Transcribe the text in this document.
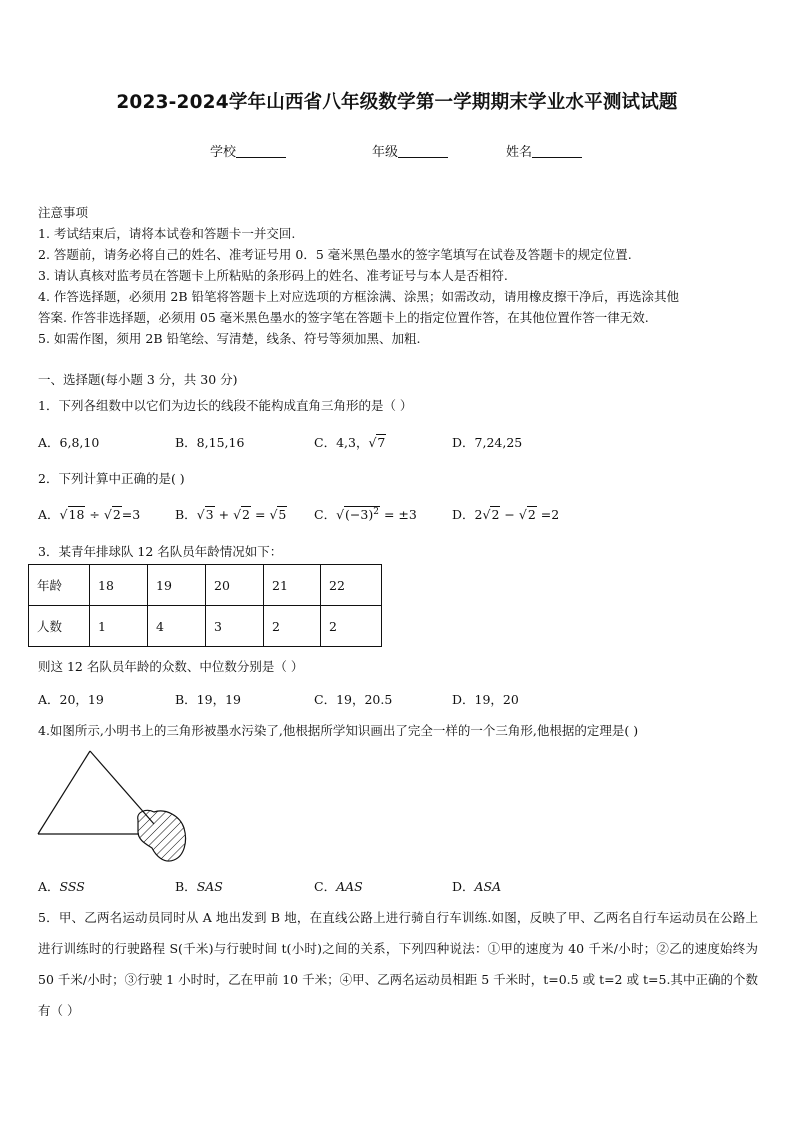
2023-2024学年山西省八年级数学第一学期期末学业水平测试试题
学校	年级	姓名
注意事项
1. 考试结束后，请将本试卷和答题卡一并交回.
2. 答题前，请务必将自己的姓名、准考证号用 0．5 毫米黑色墨水的签字笔填写在试卷及答题卡的规定位置.
3. 请认真核对监考员在答题卡上所粘贴的条形码上的姓名、准考证号与本人是否相符.
4. 作答选择题，必须用 2B 铅笔将答题卡上对应选项的方框涂满、涂黑；如需改动，请用橡皮擦干净后，再选涂其他
答案. 作答非选择题，必须用 05 毫米黑色墨水的签字笔在答题卡上的指定位置作答，在其他位置作答一律无效.
5. 如需作图，须用 2B 铅笔绘、写清楚，线条、符号等须加黑、加粗.
一、选择题(每小题 3 分，共 30 分)
1．下列各组数中以它们为边长的线段不能构成直角三角形的是（ ）
A．6,8,10	B．8,15,16	C．4,3，√7	D．7,24,25
2．下列计算中正确的是( )
A．√18 ÷ √2=3	B．√3 + √2 = √5 C．$√(-3)^2 = \pm 3$	D．2√2 − √2 =2
3．某青年排球队 12 名队员年龄情况如下：
年龄	18	19	20	21	22
人数	1	4	3	2	2
则这 12 名队员年龄的众数、中位数分别是（ ）
A．20，19	B．19，19	C．19，20.5	D．19，20
4.如图所示,小明书上的三角形被墨水污染了,他根据所学知识画出了完全一样的一个三角形,他根据的定理是( )
A．SSS	B．SAS	C．AAS	D．ASA
5．甲、乙两名运动员同时从 A 地出发到 B 地，在直线公路上进行骑自行车训练.如图，反映了甲、乙两名自行车运动员在公路上进行训练时的行驶路程 S(千米)与行驶时间 t(小时)之间的关系，下列四种说法：①甲的速度为 40 千米/小时；②乙的速度始终为 50 千米/小时；③行驶 1 小时时，乙在甲前 10 千米；④甲、乙两名运动员相距 5 千米时，t=0.5 或 t=2 或 t=5.其中正确的个数有（ ）
